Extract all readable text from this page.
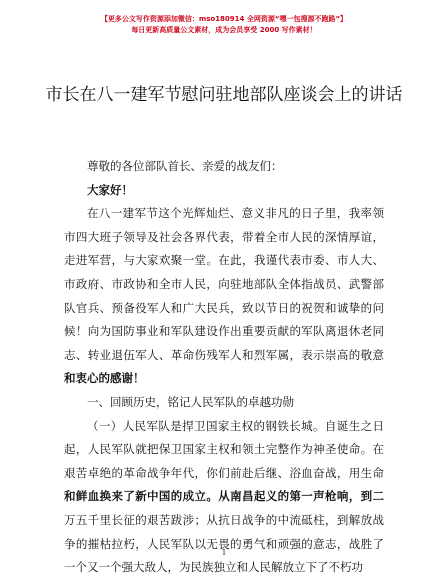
【更多公文写作资源添加微信：mso180914 全网资源“嘿一包搜源不跑路”】
每日更新高质量公文素材，成为会员享受 2000 写作素材！
市长在八一建军节慰问驻地部队座谈会上的讲话

尊敬的各位部队首长、亲爱的战友们：

大家好！

在八一建军节这个光辉灿烂、意义非凡的日子里，我率领市四大班子领导及社会各界代表，带着全市人民的深情厚谊，走进军营，与大家欢聚一堂。在此，我谨代表市委、市人大、市政府、市政协和全市人民，向驻地部队全体指战员、武警部队官兵、预备役军人和广大民兵，致以节日的祝贺和诚挚的问候！向为国防事业和军队建设作出重要贡献的军队离退休老同志、转业退伍军人、革命伤残军人和烈军属，表示崇高的敬意和衷心的感谢！

一、回顾历史，铭记人民军队的卓越功勋

（一）人民军队是捍卫国家主权的钢铁长城。自诞生之日起，人民军队就把保卫国家主权和领土完整作为神圣使命。在艰苦卓绝的革命战争年代，你们前赴后继、浴血奋战，用生命和鲜血换来了新中国的成立。从南昌起义的第一声枪响，到二万五千里长征的艰苦跋涉；从抗日战争的中流砥柱，到解放战争的摧枯拉朽，人民军队以无畏的勇气和顽强的意志，战胜了一个又一个强大敌人，为民族独立和人民解放立下了不朽功

1
